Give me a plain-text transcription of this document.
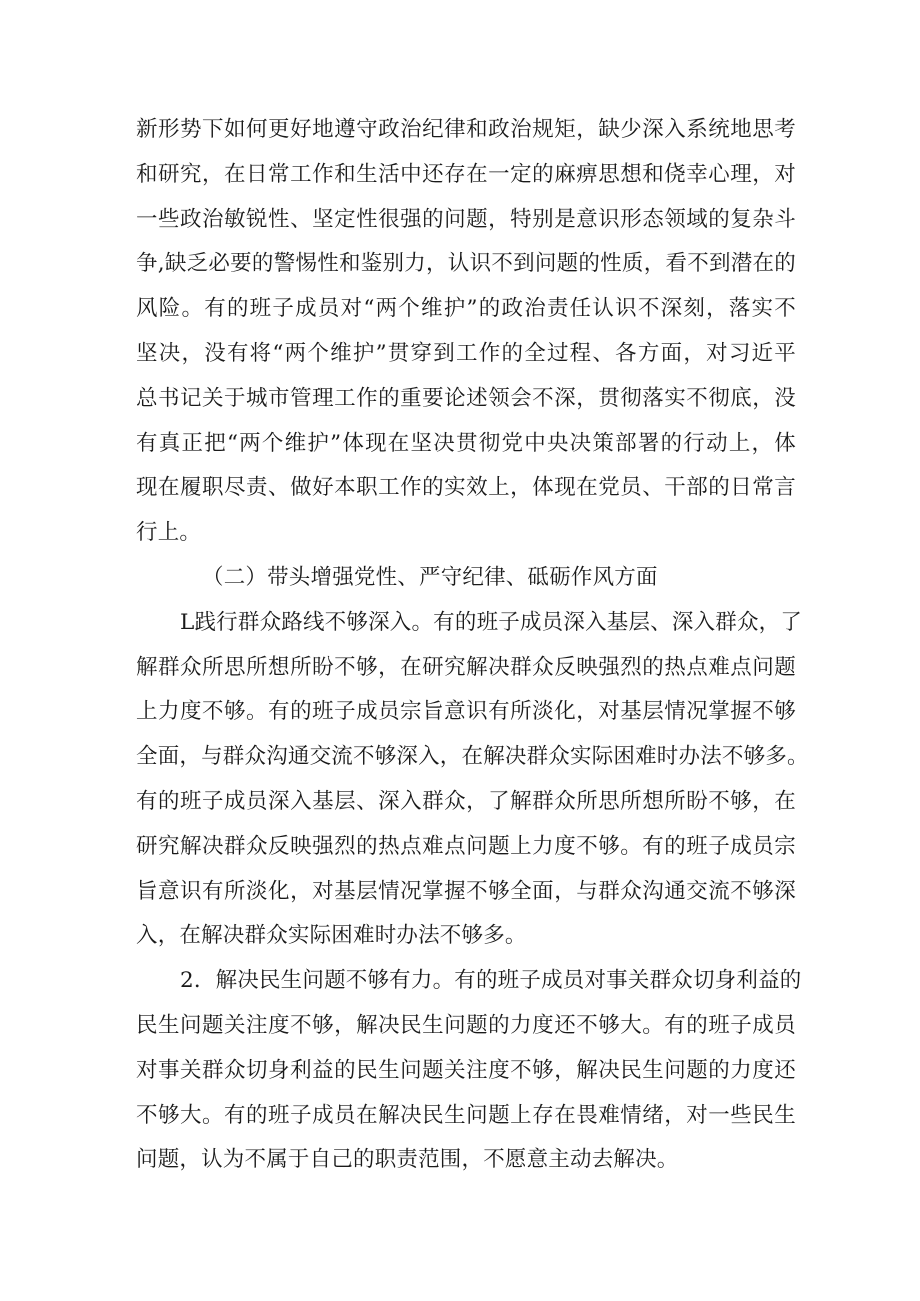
新形势下如何更好地遵守政治纪律和政治规矩，缺少深入系统地思考
和研究，在日常工作和生活中还存在一定的麻痹思想和侥幸心理，对
一些政治敏锐性、坚定性很强的问题，特别是意识形态领域的复杂斗
争,缺乏必要的警惕性和鉴别力，认识不到问题的性质，看不到潜在的
风险。有的班子成员对“两个维护”的政治责任认识不深刻，落实不
坚决，没有将“两个维护”贯穿到工作的全过程、各方面，对习近平
总书记关于城市管理工作的重要论述领会不深，贯彻落实不彻底，没
有真正把“两个维护”体现在坚决贯彻党中央决策部署的行动上，体
现在履职尽责、做好本职工作的实效上，体现在党员、干部的日常言
行上。
（二）带头增强党性、严守纪律、砥砺作风方面
L践行群众路线不够深入。有的班子成员深入基层、深入群众，了
解群众所思所想所盼不够，在研究解决群众反映强烈的热点难点问题
上力度不够。有的班子成员宗旨意识有所淡化，对基层情况掌握不够
全面，与群众沟通交流不够深入，在解决群众实际困难时办法不够多。
有的班子成员深入基层、深入群众，了解群众所思所想所盼不够，在
研究解决群众反映强烈的热点难点问题上力度不够。有的班子成员宗
旨意识有所淡化，对基层情况掌握不够全面，与群众沟通交流不够深
入，在解决群众实际困难时办法不够多。
2．解决民生问题不够有力。有的班子成员对事关群众切身利益的
民生问题关注度不够，解决民生问题的力度还不够大。有的班子成员
对事关群众切身利益的民生问题关注度不够，解决民生问题的力度还
不够大。有的班子成员在解决民生问题上存在畏难情绪，对一些民生
问题，认为不属于自己的职责范围，不愿意主动去解决。
